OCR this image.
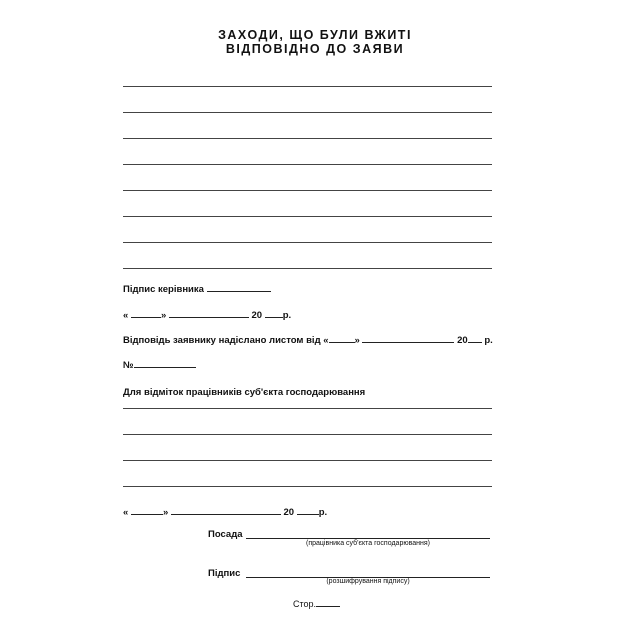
ЗАХОДИ, ЩО БУЛИ ВЖИТІ
ВІДПОВІДНО ДО ЗАЯВИ
Підпис керівника
«	»	20 р.
Відповідь заявнику надіслано листом від «	»	20 р.
№
Для відміток працівників суб'єкта господарювання
«	»	20	р.
Посада
(працівника суб'єкта господарювання)
Підпис
(розшифрування підпису)
Стор.
